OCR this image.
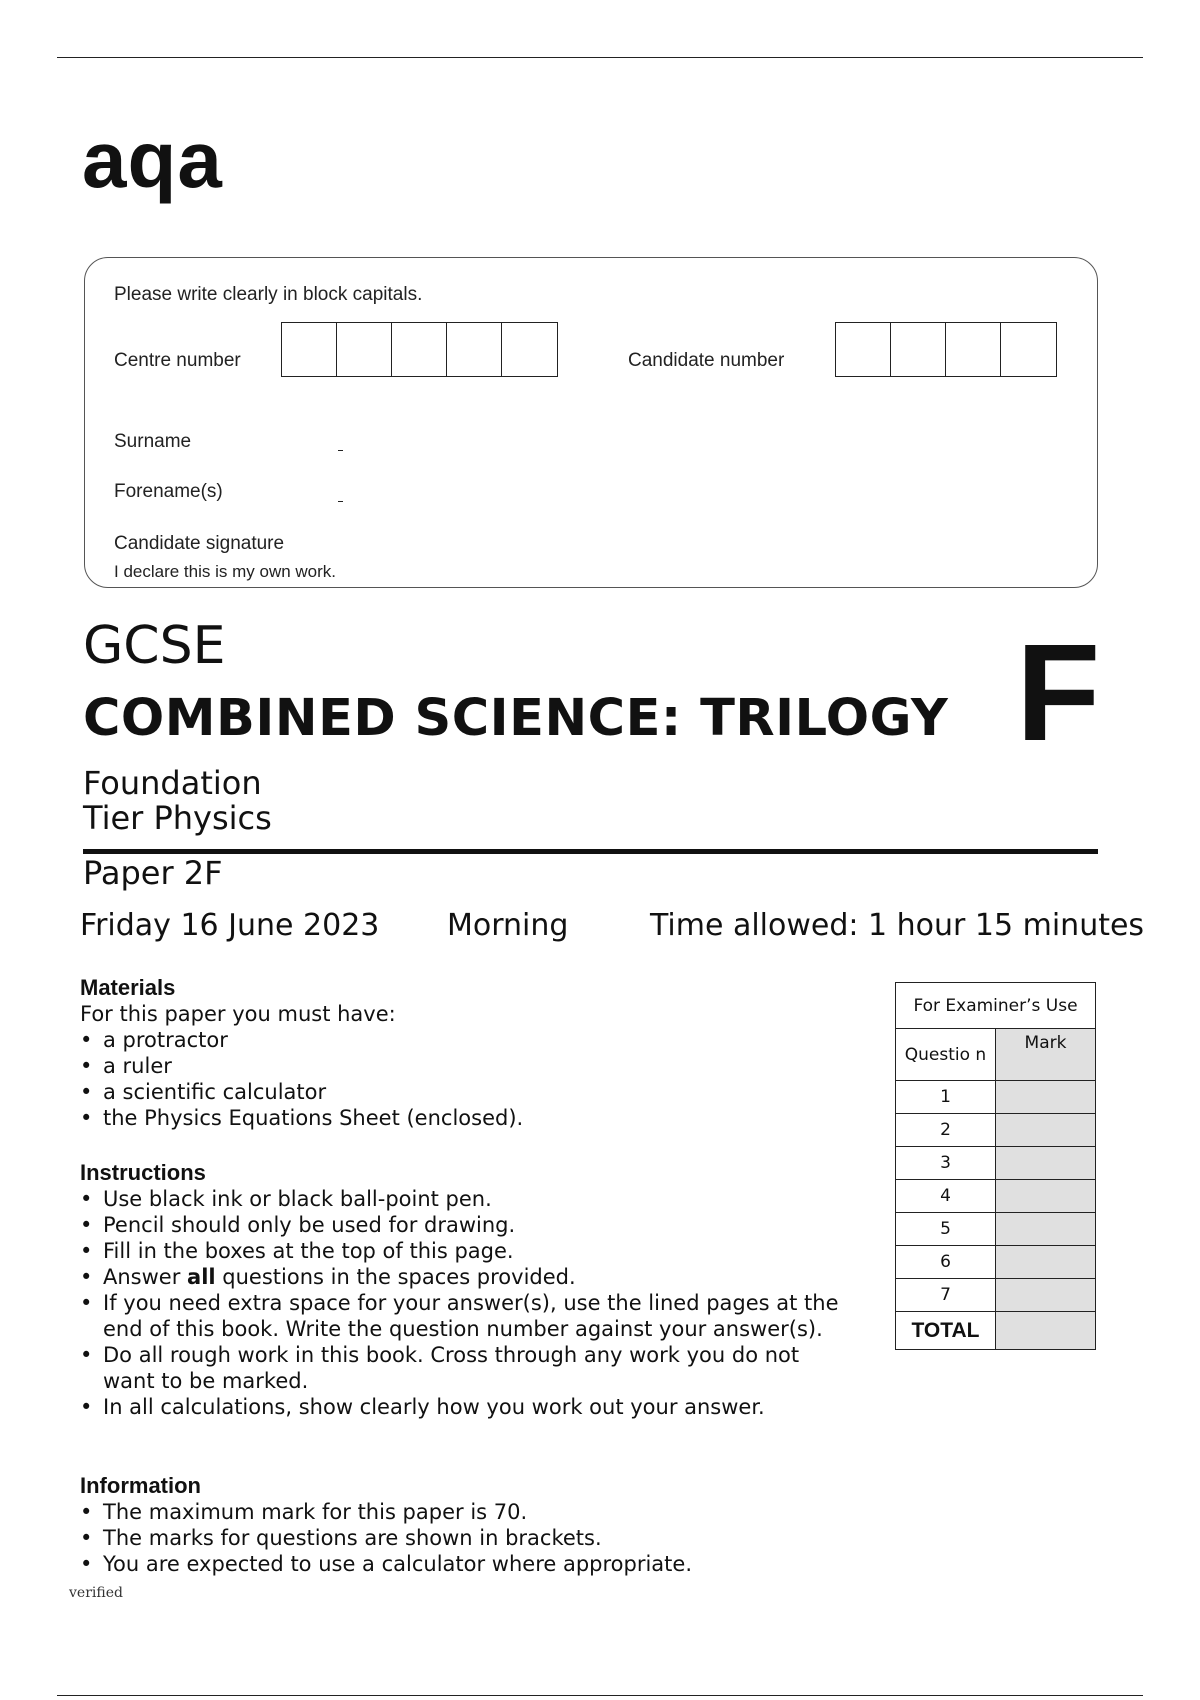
aqa
Please write clearly in block capitals.
Centre number	Candidate number
Surname
Forename(s)
Candidate signature
I declare this is my own work.
GCSE
COMBINED SCIENCE: TRILOGY F
Foundation
Tier Physics
Paper 2F
Friday 16 June 2023 Morning	Time allowed: 1 hour 15 minutes
Materials
For this paper you must have:
• a protractor
• a ruler
• a scientific calculator
• the Physics Equations Sheet (enclosed).
Instructions
• Use black ink or black ball-point pen.
• Pencil should only be used for drawing.
• Fill in the boxes at the top of this page.
• Answer all questions in the spaces provided.
• If you need extra space for your answer(s), use the lined pages at the end of this book. Write the question number against your answer(s).
• Do all rough work in this book. Cross through any work you do not want to be marked.
• In all calculations, show clearly how you work out your answer.
Information
• The maximum mark for this paper is 70.
• The marks for questions are shown in brackets.
• You are expected to use a calculator where appropriate.
For Examiner’s Use	
Questio n	Mark
1	
2	
3	
4	
5	
6	
7	
TOTAL	
verified
